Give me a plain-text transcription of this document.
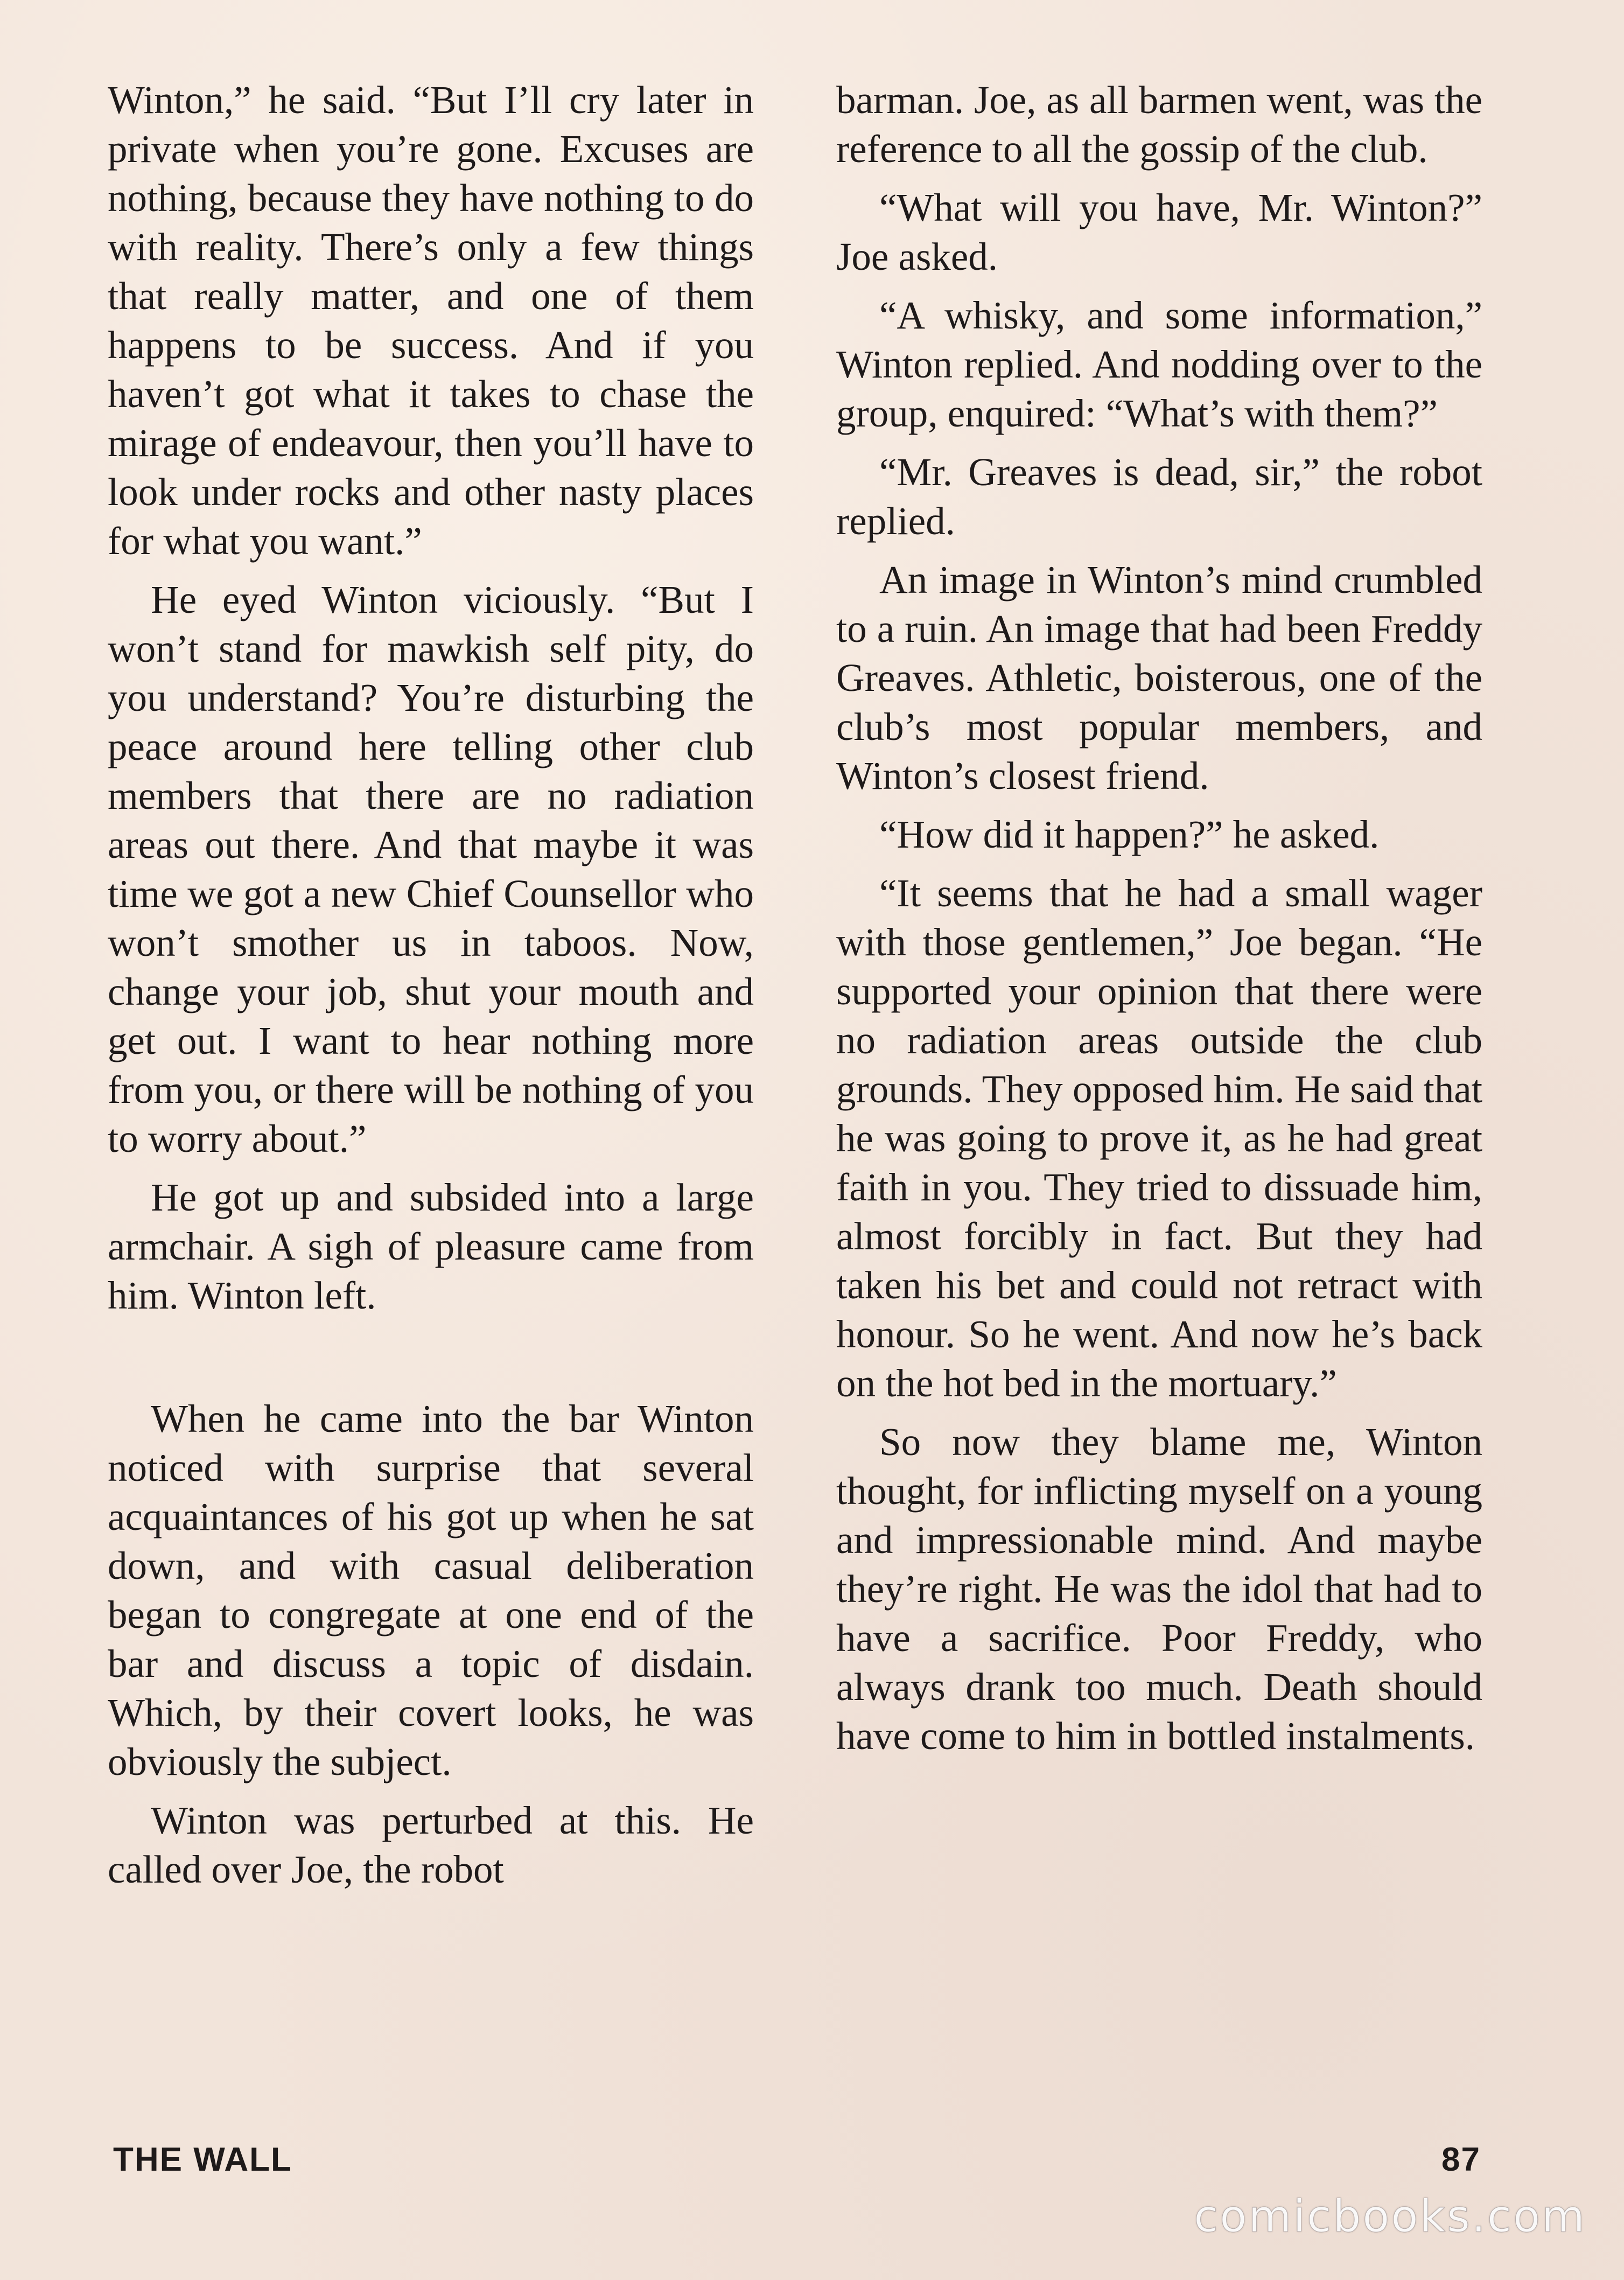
Winton,” he said. “But I’ll cry later in private when you’re gone. Excuses are nothing, because they have nothing to do with reality. There’s only a few things that really matter, and one of them happens to be success. And if you haven’t got what it takes to chase the mirage of endeavour, then you’ll have to look under rocks and other nasty places for what you want.”

He eyed Winton viciously. “But I won’t stand for mawkish self pity, do you understand? You’re disturbing the peace around here telling other club members that there are no radiation areas out there. And that maybe it was time we got a new Chief Counsellor who won’t smother us in taboos. Now, change your job, shut your mouth and get out. I want to hear nothing more from you, or there will be nothing of you to worry about.”

He got up and subsided into a large armchair. A sigh of pleasure came from him. Winton left.

When he came into the bar Winton noticed with surprise that several acquaintances of his got up when he sat down, and with casual deliberation began to congregate at one end of the bar and discuss a topic of disdain. Which, by their covert looks, he was obviously the subject.

Winton was perturbed at this. He called over Joe, the robot

barman. Joe, as all barmen went, was the reference to all the gossip of the club.

“What will you have, Mr. Winton?” Joe asked.

“A whisky, and some information,” Winton replied. And nodding over to the group, enquired: “What’s with them?”

“Mr. Greaves is dead, sir,” the robot replied.

An image in Winton’s mind crumbled to a ruin. An image that had been Freddy Greaves. Athletic, boisterous, one of the club’s most popular members, and Winton’s closest friend.

“How did it happen?” he asked.

“It seems that he had a small wager with those gentlemen,” Joe began. “He supported your opinion that there were no radiation areas outside the club grounds. They opposed him. He said that he was going to prove it, as he had great faith in you. They tried to dissuade him, almost forcibly in fact. But they had taken his bet and could not retract with honour. So he went. And now he’s back on the hot bed in the mortuary.”

So now they blame me, Winton thought, for inflicting myself on a young and impressionable mind. And maybe they’re right. He was the idol that had to have a sacrifice. Poor Freddy, who always drank too much. Death should have come to him in bottled instalments.

THE WALL	87
comicbooks.com
